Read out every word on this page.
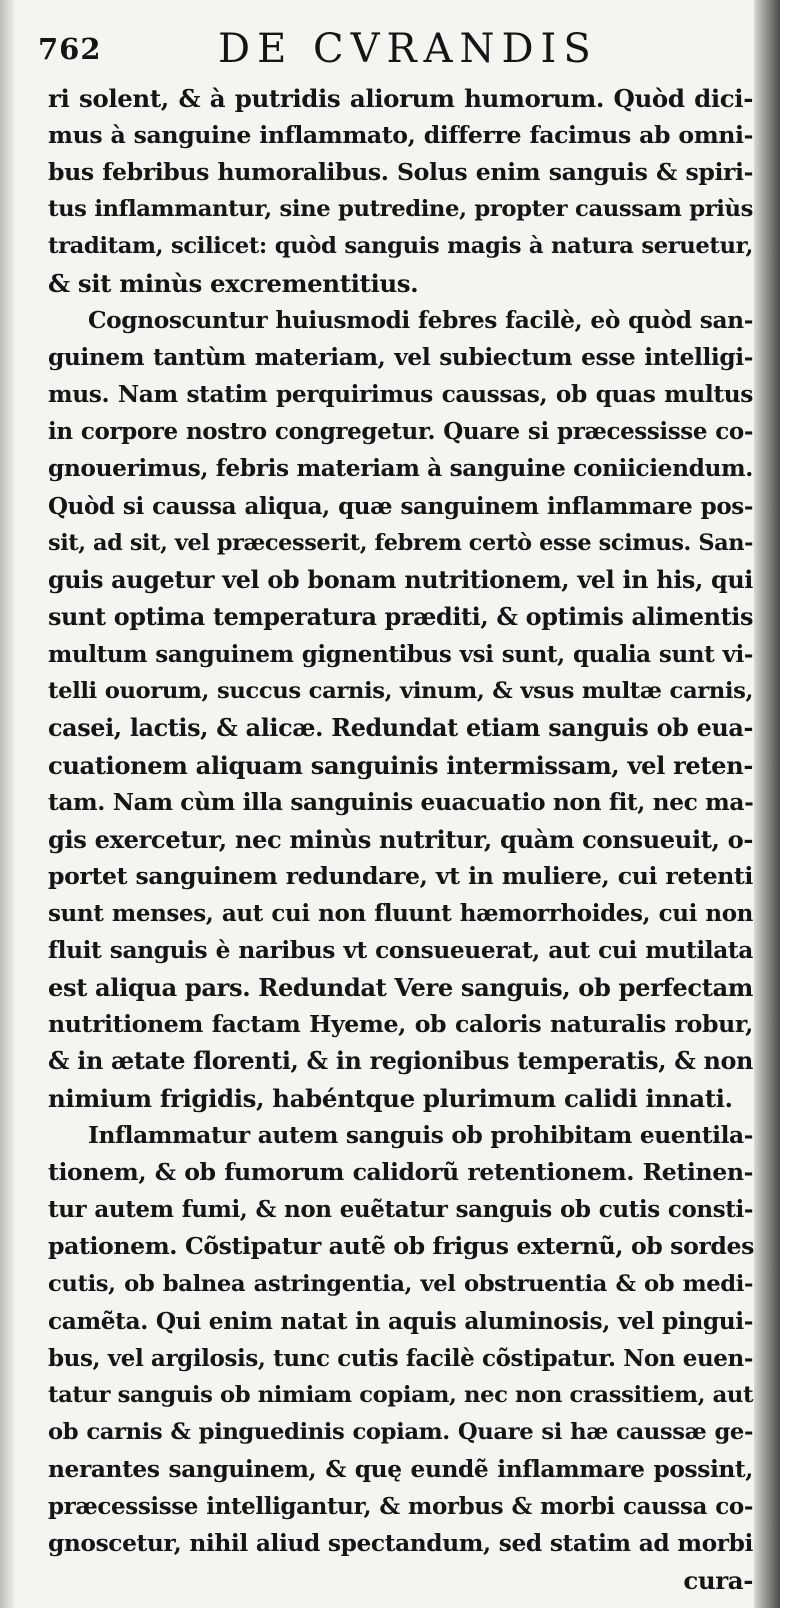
762	DE CVRANDIS
ri solent, & à putridis aliorum humorum. Quòd dici-
mus à sanguine inflammato, differre facimus ab omni-
bus febribus humoralibus. Solus enim sanguis & spiri-
tus inflammantur, sine putredine, propter caussam priùs
traditam, scilicet: quòd sanguis magis à natura seruetur,
& sit minùs excrementitius.
Cognoscuntur huiusmodi febres facilè, eò quòd san-
guinem tantùm materiam, vel subiectum esse intelligi-
mus. Nam statim perquirimus caussas, ob quas multus
in corpore nostro congregetur. Quare si præcessisse co-
gnouerimus, febris materiam à sanguine coniiciendum.
Quòd si caussa aliqua, quæ sanguinem inflammare pos-
sit, ad sit, vel præcesserit, febrem certò esse scimus. San-
guis augetur vel ob bonam nutritionem, vel in his, qui
sunt optima temperatura præditi, & optimis alimentis
multum sanguinem gignentibus vsi sunt, qualia sunt vi-
telli ouorum, succus carnis, vinum, & vsus multæ carnis,
casei, lactis, & alicæ. Redundat etiam sanguis ob eua-
cuationem aliquam sanguinis intermissam, vel reten-
tam. Nam cùm illa sanguinis euacuatio non fit, nec ma-
gis exercetur, nec minùs nutritur, quàm consueuit, o-
portet sanguinem redundare, vt in muliere, cui retenti
sunt menses, aut cui non fluunt hæmorrhoides, cui non
fluit sanguis è naribus vt consueuerat, aut cui mutilata
est aliqua pars. Redundat Vere sanguis, ob perfectam
nutritionem factam Hyeme, ob caloris naturalis robur,
& in ætate florenti, & in regionibus temperatis, & non
nimium frigidis, habéntque plurimum calidi innati.
Inflammatur autem sanguis ob prohibitam euentila-
tionem, & ob fumorum calidorũ retentionem. Retinen-
tur autem fumi, & non euẽtatur sanguis ob cutis consti-
pationem. Cõstipatur autẽ ob frigus externũ, ob sordes
cutis, ob balnea astringentia, vel obstruentia & ob medi-
camẽta. Qui enim natat in aquis aluminosis, vel pingui-
bus, vel argilosis, tunc cutis facilè cõstipatur. Non euen-
tatur sanguis ob nimiam copiam, nec non crassitiem, aut
ob carnis & pinguedinis copiam. Quare si hæ caussæ ge-
nerantes sanguinem, & quę eundẽ inflammare possint,
præcessisse intelligantur, & morbus & morbi caussa co-
gnoscetur, nihil aliud spectandum, sed statim ad morbi
cura-
